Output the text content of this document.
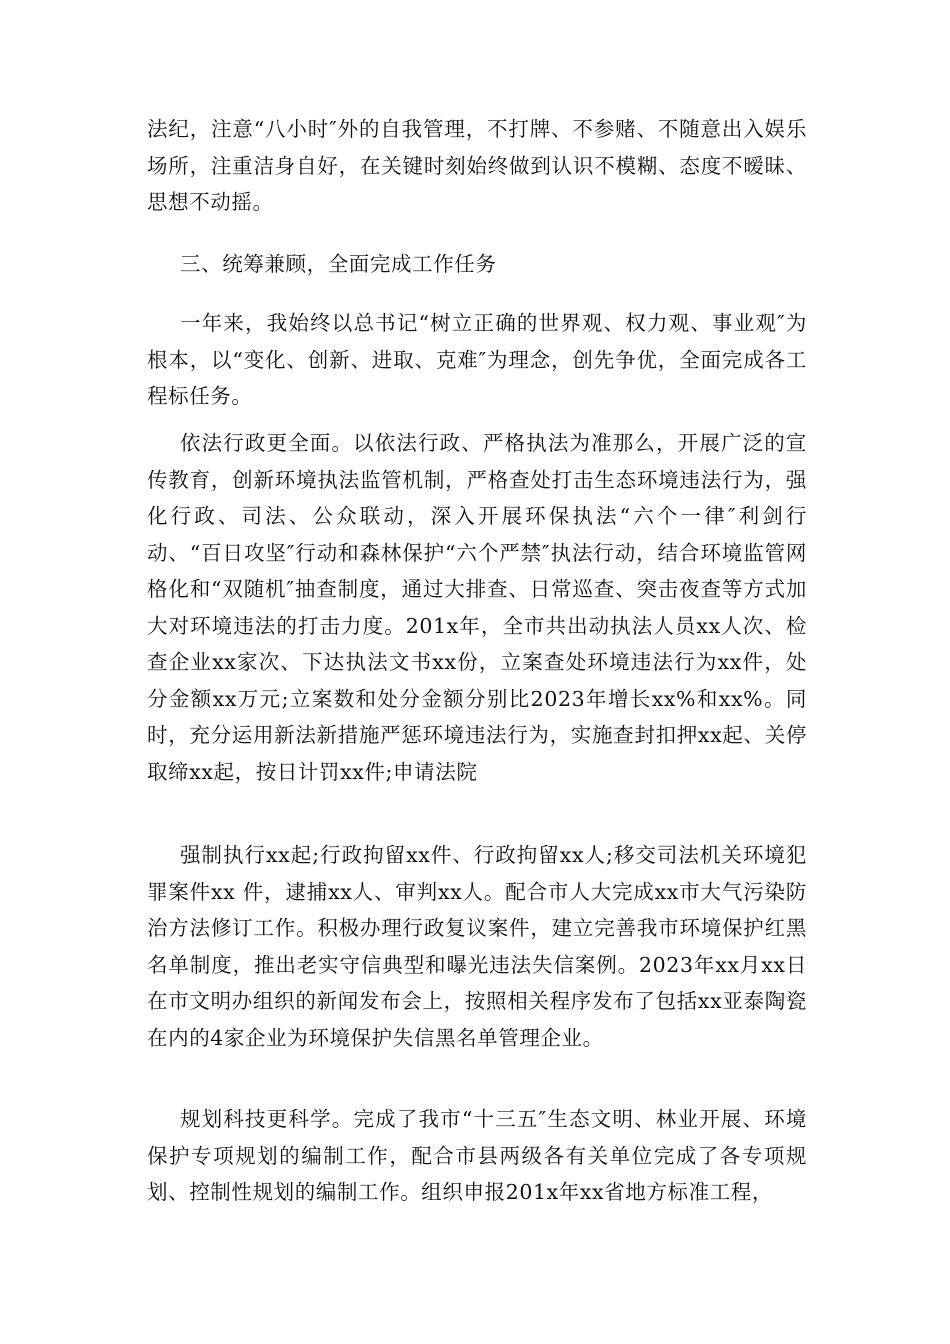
法纪，注意“八小时″外的自我管理，不打牌、不参赌、不随意出入娱乐场所，注重洁身自好，在关键时刻始终做到认识不模糊、态度不暧昧、思想不动摇。

三、统筹兼顾，全面完成工作任务

一年来，我始终以总书记“树立正确的世界观、权力观、事业观″为根本，以“变化、创新、进取、克难″为理念，创先争优，全面完成各工程标任务。

依法行政更全面。以依法行政、严格执法为准那么，开展广泛的宣传教育，创新环境执法监管机制，严格查处打击生态环境违法行为，强化行政、司法、公众联动，深入开展环保执法“六个一律″利剑行动、“百日攻坚″行动和森林保护“六个严禁″执法行动，结合环境监管网格化和“双随机″抽查制度，通过大排查、日常巡查、突击夜查等方式加大对环境违法的打击力度。201x年，全市共出动执法人员xx人次、检查企业xx家次、下达执法文书xx份，立案查处环境违法行为xx件，处分金额xx万元;立案数和处分金额分别比2023年增长xx%和xx%。同时，充分运用新法新措施严惩环境违法行为，实施查封扣押xx起、关停取缔xx起，按日计罚xx件;申请法院

强制执行xx起;行政拘留xx件、行政拘留xx人;移交司法机关环境犯罪案件xx 件，逮捕xx人、审判xx人。配合市人大完成xx市大气污染防治方法修订工作。积极办理行政复议案件，建立完善我市环境保护红黑名单制度，推出老实守信典型和曝光违法失信案例。2023年xx月xx日在市文明办组织的新闻发布会上，按照相关程序发布了包括xx亚泰陶瓷在内的4家企业为环境保护失信黑名单管理企业。

规划科技更科学。完成了我市“十三五″生态文明、林业开展、环境保护专项规划的编制工作，配合市县两级各有关单位完成了各专项规划、控制性规划的编制工作。组织申报201x年xx省地方标准工程，
